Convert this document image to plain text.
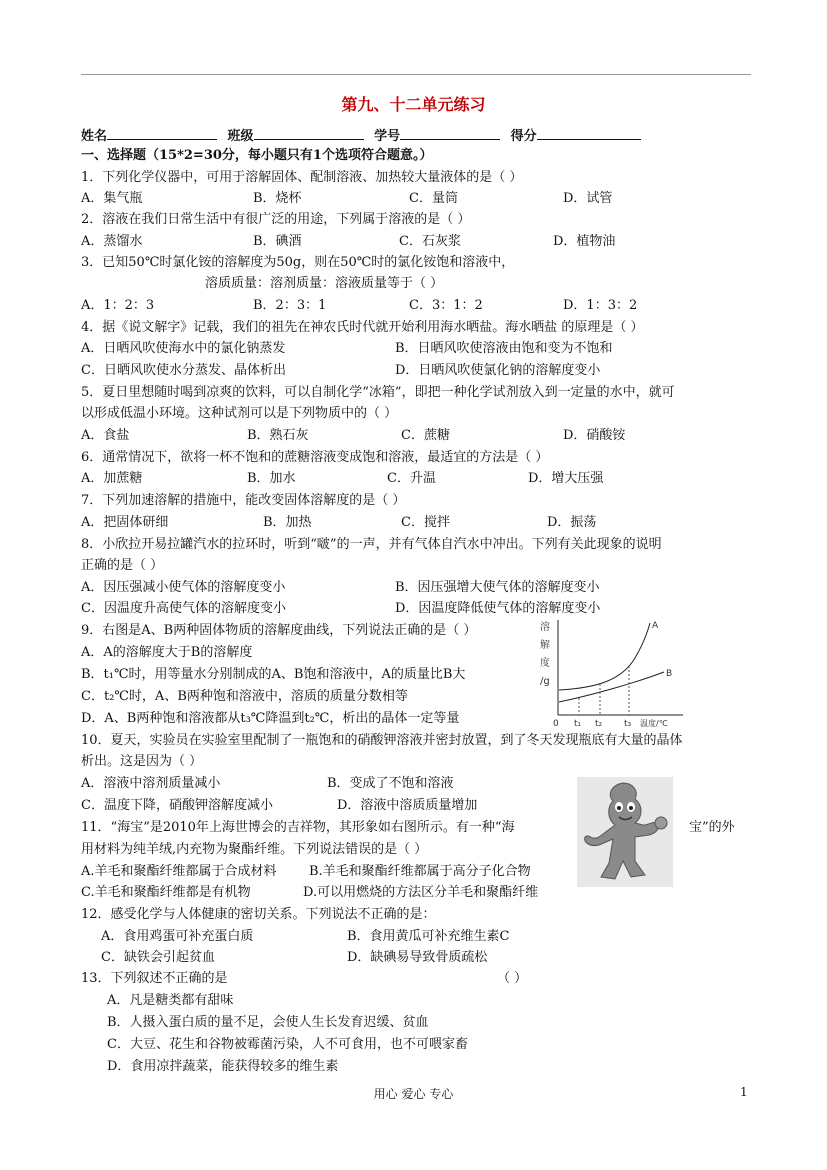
第九、十二单元练习
姓名	班级	学号	得分
一、选择题（15*2=30分，每小题只有1个选项符合题意。）
1．下列化学仪器中，可用于溶解固体、配制溶液、加热较大量液体的是（ ）
A．集气瓶	B．烧杯	C．量筒	D．试管
2．溶液在我们日常生活中有很广泛的用途，下列属于溶液的是（ ）
A．蒸馏水	B．碘酒	C．石灰浆	D．植物油
3．已知50℃时氯化铵的溶解度为50g，则在50℃时的氯化铵饱和溶液中，
溶质质量：溶剂质量：溶液质量等于（ ）
A．1：2：3	B．2：3：1	C．3：1：2	D．1：3：2
4．据《说文解字》记载，我们的祖先在神农氏时代就开始利用海水晒盐。海水晒盐 的原理是（ ）
A．日晒风吹使海水中的氯化钠蒸发	B．日晒风吹使溶液由饱和变为不饱和
C．日晒风吹使水分蒸发、晶体析出	D．日晒风吹使氯化钠的溶解度变小
5．夏日里想随时喝到凉爽的饮料，可以自制化学“冰箱”，即把一种化学试剂放入到一定量的水中，就可
以形成低温小环境。这种试剂可以是下列物质中的（ ）
A．食盐	B．熟石灰	C．蔗糖	D．硝酸铵
6．通常情况下，欲将一杯不饱和的蔗糖溶液变成饱和溶液，最适宜的方法是（ ）
A．加蔗糖	B．加水	C．升温	D．增大压强
7．下列加速溶解的措施中，能改变固体溶解度的是（ ）
A．把固体研细	B．加热	C．搅拌	D．振荡
8．小欣拉开易拉罐汽水的拉环时，听到“啵”的一声，并有气体自汽水中冲出。下列有关此现象的说明
正确的是（ ）
A．因压强减小使气体的溶解度变小	B．因压强增大使气体的溶解度变小
C．因温度升高使气体的溶解度变小	D．因温度降低使气体的溶解度变小
9．右图是A、B两种固体物质的溶解度曲线，下列说法正确的是（ ）
A．A的溶解度大于B的溶解度
B．t₁℃时，用等量水分别制成的A、B饱和溶液中，A的质量比B大
C．t₂℃时，A、B两种饱和溶液中，溶质的质量分数相等
D．A、B两种饱和溶液都从t₃℃降温到t₂℃，析出的晶体一定等量
溶
解
度
/g
A
B
0 t₁ t₂ t₃ 温度/℃
10．夏天，实验员在实验室里配制了一瓶饱和的硝酸钾溶液并密封放置，到了冬天发现瓶底有大量的晶体
析出。这是因为（ ）
A．溶液中溶剂质量减小	B．变成了不饱和溶液
C．温度下降，硝酸钾溶解度减小	D．溶液中溶质质量增加
11．“海宝”是2010年上海世博会的吉祥物，其形象如右图所示。有一种“海	宝”的外
用材料为纯羊绒,内充物为聚酯纤维。下列说法错误的是（ ）
A.羊毛和聚酯纤维都属于合成材料 B.羊毛和聚酯纤维都属于高分子化合物
C.羊毛和聚酯纤维都是有机物	D.可以用燃烧的方法区分羊毛和聚酯纤维
12．感受化学与人体健康的密切关系。下列说法不正确的是：
A．食用鸡蛋可补充蛋白质	B．食用黄瓜可补充维生素C
C．缺铁会引起贫血	D．缺碘易导致骨质疏松
13．下列叙述不正确的是	（ ）
A．凡是糖类都有甜味
B．人摄入蛋白质的量不足，会使人生长发育迟缓、贫血
C．大豆、花生和谷物被霉菌污染，人不可食用，也不可喂家畜
D．食用凉拌蔬菜，能获得较多的维生素
用心 爱心 专心	1
